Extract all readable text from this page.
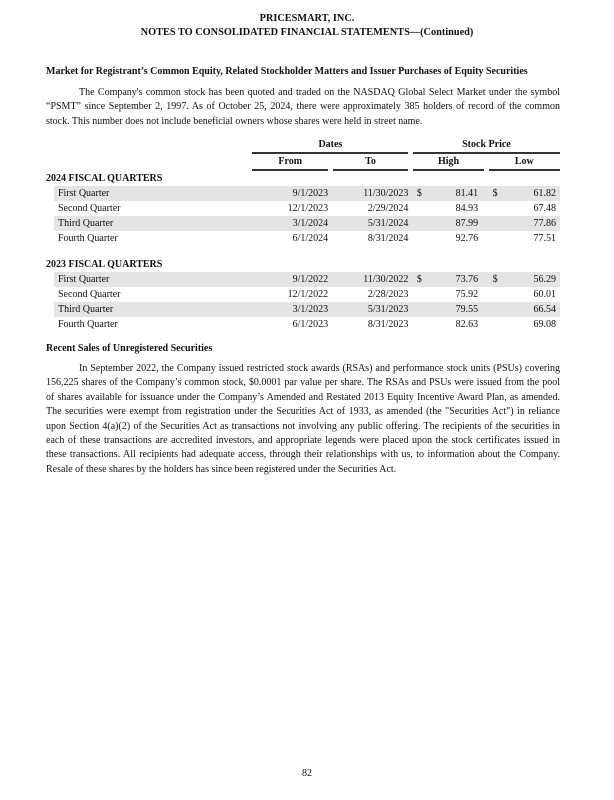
PRICESMART, INC.
NOTES TO CONSOLIDATED FINANCIAL STATEMENTS—(Continued)
Market for Registrant’s Common Equity, Related Stockholder Matters and Issuer Purchases of Equity Securities
The Company's common stock has been quoted and traded on the NASDAQ Global Select Market under the symbol “PSMT” since September 2, 1997. As of October 25, 2024, there were approximately 385 holders of record of the common stock. This number does not include beneficial owners whose shares were held in street name.
	Dates		Stock Price
	From		To		High		Low
2024 FISCAL QUARTERS
First Quarter	9/1/2023		11/30/2023		$	81.41		$	61.82
Second Quarter	12/1/2023		2/29/2024			84.93			67.48
Third Quarter	3/1/2024		5/31/2024			87.99			77.86
Fourth Quarter	6/1/2024		8/31/2024			92.76			77.51

2023 FISCAL QUARTERS
First Quarter	9/1/2022		11/30/2022		$	73.76		$	56.29
Second Quarter	12/1/2022		2/28/2023			75.92			60.01
Third Quarter	3/1/2023		5/31/2023			79.55			66.54
Fourth Quarter	6/1/2023		8/31/2023			82.63			69.08
Recent Sales of Unregistered Securities
In September 2022, the Company issued restricted stock awards (RSAs) and performance stock units (PSUs) covering 156,225 shares of the Company’s common stock, $0.0001 par value per share. The RSAs and PSUs were issued from the pool of shares available for issuance under the Company’s Amended and Restated 2013 Equity Incentive Award Plan, as amended. The securities were exempt from registration under the Securities Act of 1933, as amended (the "Securities Act") in reliance upon Section 4(a)(2) of the Securities Act as transactions not involving any public offering. The recipients of the securities in each of these transactions are accredited investors, and appropriate legends were placed upon the stock certificates issued in these transactions. All recipients had adequate access, through their relationships with us, to information about the Company. Resale of these shares by the holders has since been registered under the Securities Act.
82
